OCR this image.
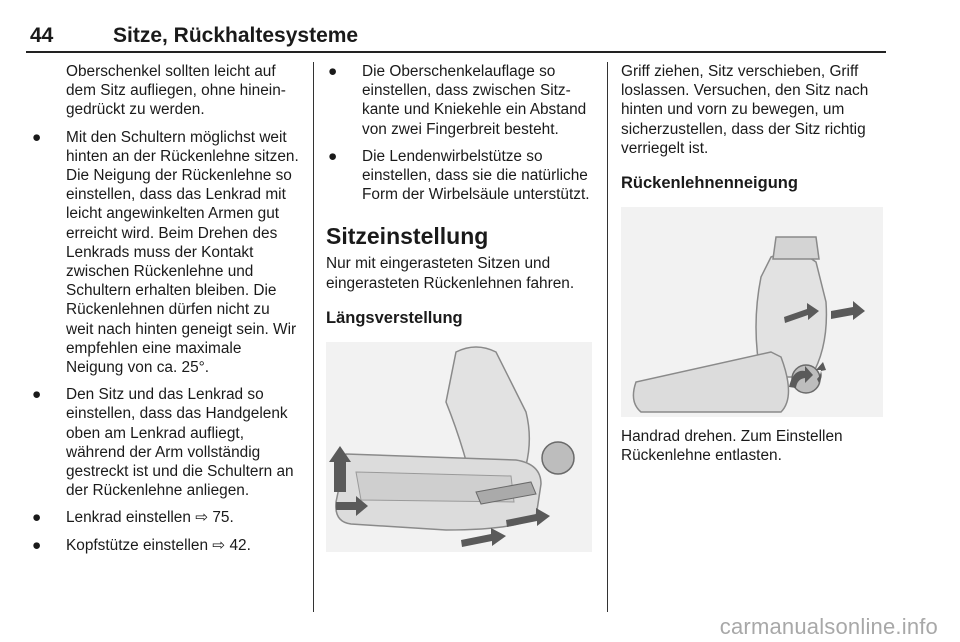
44	Sitze, Rückhaltesysteme
Oberschenkel sollten leicht auf dem Sitz aufliegen, ohne hineingedrückt zu werden.
● Mit den Schultern möglichst weit hinten an der Rückenlehne sitzen. Die Neigung der Rückenlehne so einstellen, dass das Lenkrad mit leicht angewinkelten Armen gut erreicht wird. Beim Drehen des Lenkrads muss der Kontakt zwischen Rückenlehne und Schultern erhalten bleiben. Die Rückenlehnen dürfen nicht zu weit nach hinten geneigt sein. Wir empfehlen eine maximale Neigung von ca. 25°.
● Den Sitz und das Lenkrad so einstellen, dass das Handgelenk oben am Lenkrad aufliegt, während der Arm vollständig gestreckt ist und die Schultern an der Rückenlehne anliegen.
● Lenkrad einstellen ⇨ 75.
● Kopfstütze einstellen ⇨ 42.
● Die Oberschenkelauflage so einstellen, dass zwischen Sitzkante und Kniekehle ein Abstand von zwei Fingerbreit besteht.
● Die Lendenwirbelstütze so einstellen, dass sie die natürliche Form der Wirbelsäule unterstützt.
Sitzeinstellung

Nur mit eingerasteten Sitzen und eingerasteten Rückenlehnen fahren.

Längsverstellung

Griff ziehen, Sitz verschieben, Griff loslassen. Versuchen, den Sitz nach hinten und vorn zu bewegen, um sicherzustellen, dass der Sitz richtig verriegelt ist.

Rückenlehnenneigung

Handrad drehen. Zum Einstellen Rückenlehne entlasten.

carmanualsonline.info
